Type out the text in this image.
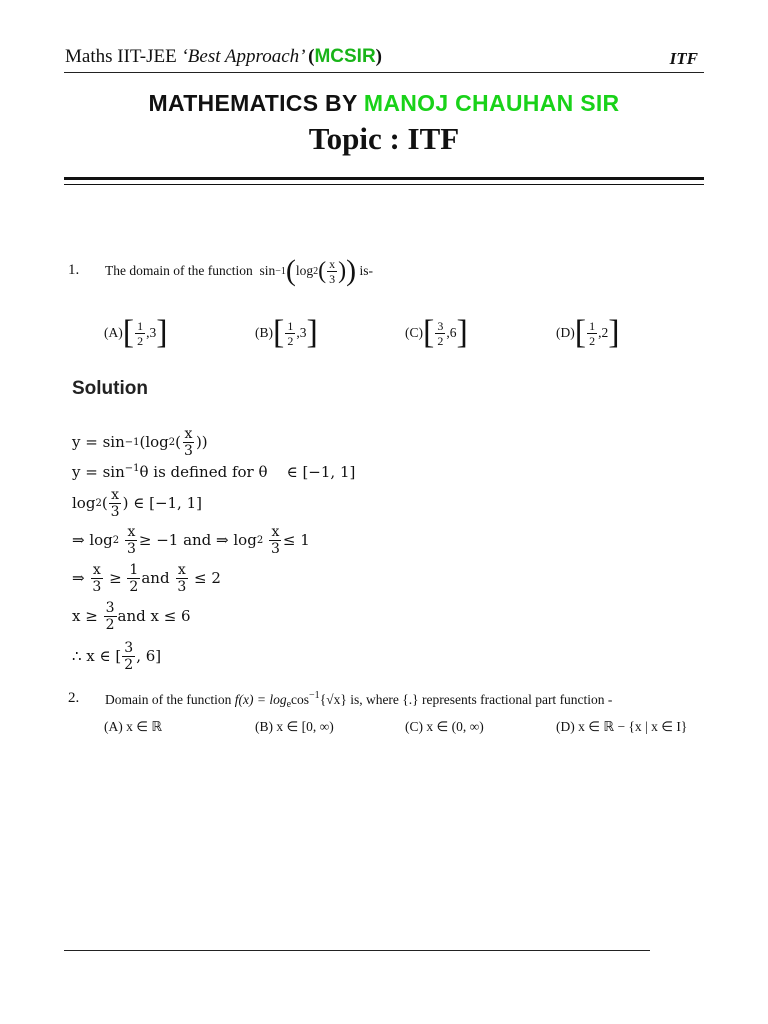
Maths IIT-JEE ‘Best Approach’ (MCSIR)	ITF
MATHEMATICS BY MANOJ CHAUHAN SIR
Topic : ITF
1. The domain of the function
sin −1 ( log 2 ( $\frac{x}{3}$ ) )
is-
(A) [ $\frac{1}{2} ,3$ ]	(B) [ $\frac{1}{2} ,3$ ]	(C) [ $\frac{3}{2} ,6$ ]	(D) [ $\frac{1}{2} ,2$ ]
Solution
y = sin −1 (log 2 ( $\frac{x}{3}$ ))
$y = \sin^{-1}\theta$ is defined for θ ∈ [−1, 1]
log 2 ( $\frac{x}{3}$ ) ∈ [−1, 1]
⇒ log 2
$\frac{x}{3} \ge -1$ and ⇒ log 2
$\frac{x}{3} \le 1$
⇒
$\frac{x}{3}$
≥
$\frac{1}{2}$ and
$\frac{x}{3}$
≤ 2
x ≥
$\frac{3}{2}$ and x ≤ 6
∴ x ∈ [ $\frac{3}{2}$ , 6]
2. Domain of the function $f(x) = \log_e\cos^{-1}\{√x\}$ is, where {.} represents fractional part function -
(A) x ∈ ℝ	(B) x ∈ [0, ∞)	(C) x ∈ (0, ∞)	(D) x ∈ ℝ − {x | x ∈ I}
